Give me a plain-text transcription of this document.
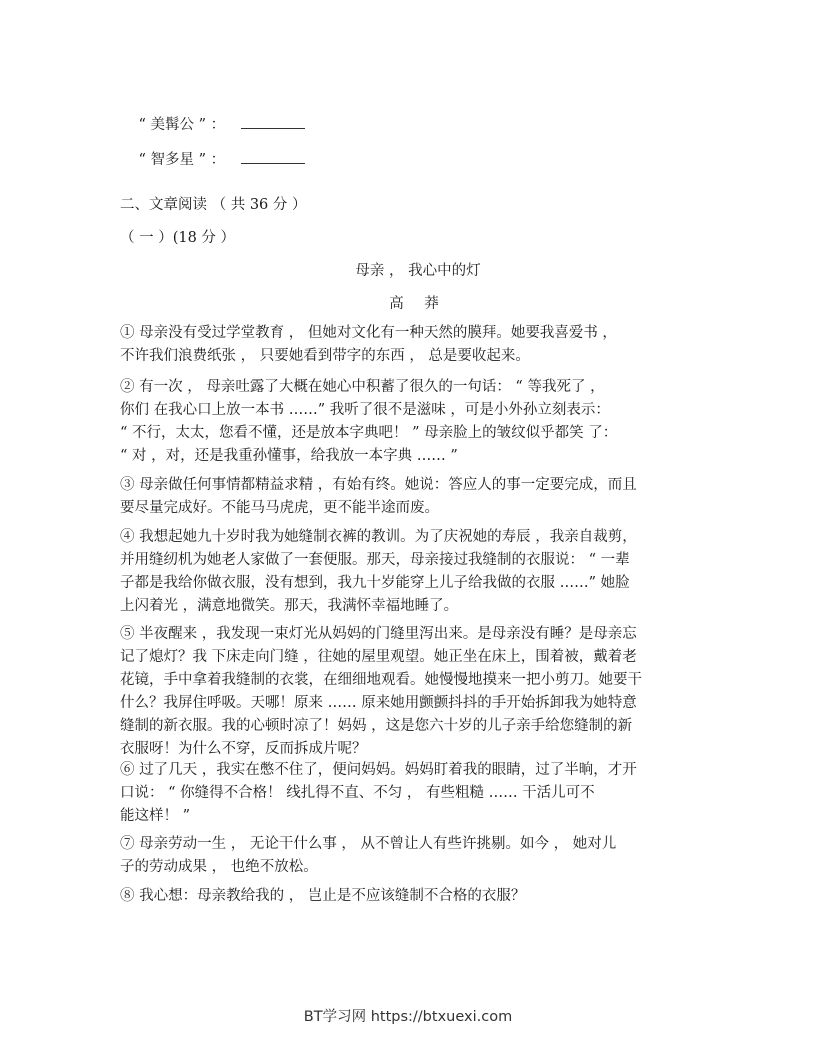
“ 美髯公 ” ：

“ 智多星 ” ：

二、文章阅读 （ 共 36 分 ）
（ 一 ）(18 分 ）
母亲 ， 我心中的灯
高 莽
① 母亲没有受过学堂教育 ， 但她对文化有一种天然的膜拜。她要我喜爱书 ，
不许我们浪费纸张 ， 只要她看到带字的东西 ， 总是要收起来。
② 有一次 ， 母亲吐露了大概在她心中积蓄了很久的一句话： “ 等我死了 ，
你们 在我心口上放一本书 ……” 我听了很不是滋味 ，可是小外孙立刻表示：
“ 不行，太太，您看不懂，还是放本字典吧！ ” 母亲脸上的皱纹似乎都笑 了：
“ 对 ，对，还是我重孙懂事，给我放一本字典 …… ”
③ 母亲做任何事情都精益求精 ，有始有终。她说：答应人的事一定要完成，而且
要尽量完成好。不能马马虎虎，更不能半途而废。
④ 我想起她九十岁时我为她缝制衣裤的教训。为了庆祝她的寿辰 ，我亲自裁剪，
并用缝纫机为她老人家做了一套便服。那天，母亲接过我缝制的衣服说： “ 一辈
子都是我给你做衣服，没有想到，我九十岁能穿上儿子给我做的衣服 ……” 她脸
上闪着光 ，满意地微笑。那天，我满怀幸福地睡了。
⑤ 半夜醒来 ，我发现一束灯光从妈妈的门缝里泻出来。是母亲没有睡？是母亲忘
记了熄灯？我 下床走向门缝 ，往她的屋里观望。她正坐在床上，围着被，戴着老
花镜，手中拿着我缝制的衣裳，在细细地观看。她慢慢地摸来一把小剪刀。她要干
什么？我屏住呼吸。天哪！原来 …… 原来她用颤颤抖抖的手开始拆卸我为她特意
缝制的新衣服。我的心顿时凉了！妈妈 ，这是您六十岁的儿子亲手给您缝制的新
衣服呀！为什么不穿，反而拆成片呢？
⑥ 过了几天 ，我实在憋不住了，便问妈妈。妈妈盯着我的眼睛，过了半晌，才开
口说： “ 你缝得不合格！ 线扎得不直、不匀 ， 有些粗糙 …… 干活儿可不
能这样！ ”
⑦ 母亲劳动一生 ， 无论干什么事 ， 从不曾让人有些许挑剔。如今 ， 她对儿
子的劳动成果 ， 也绝不放松。
⑧ 我心想：母亲教给我的 ， 岂止是不应该缝制不合格的衣服？
BT学习网 https://btxuexi.com
